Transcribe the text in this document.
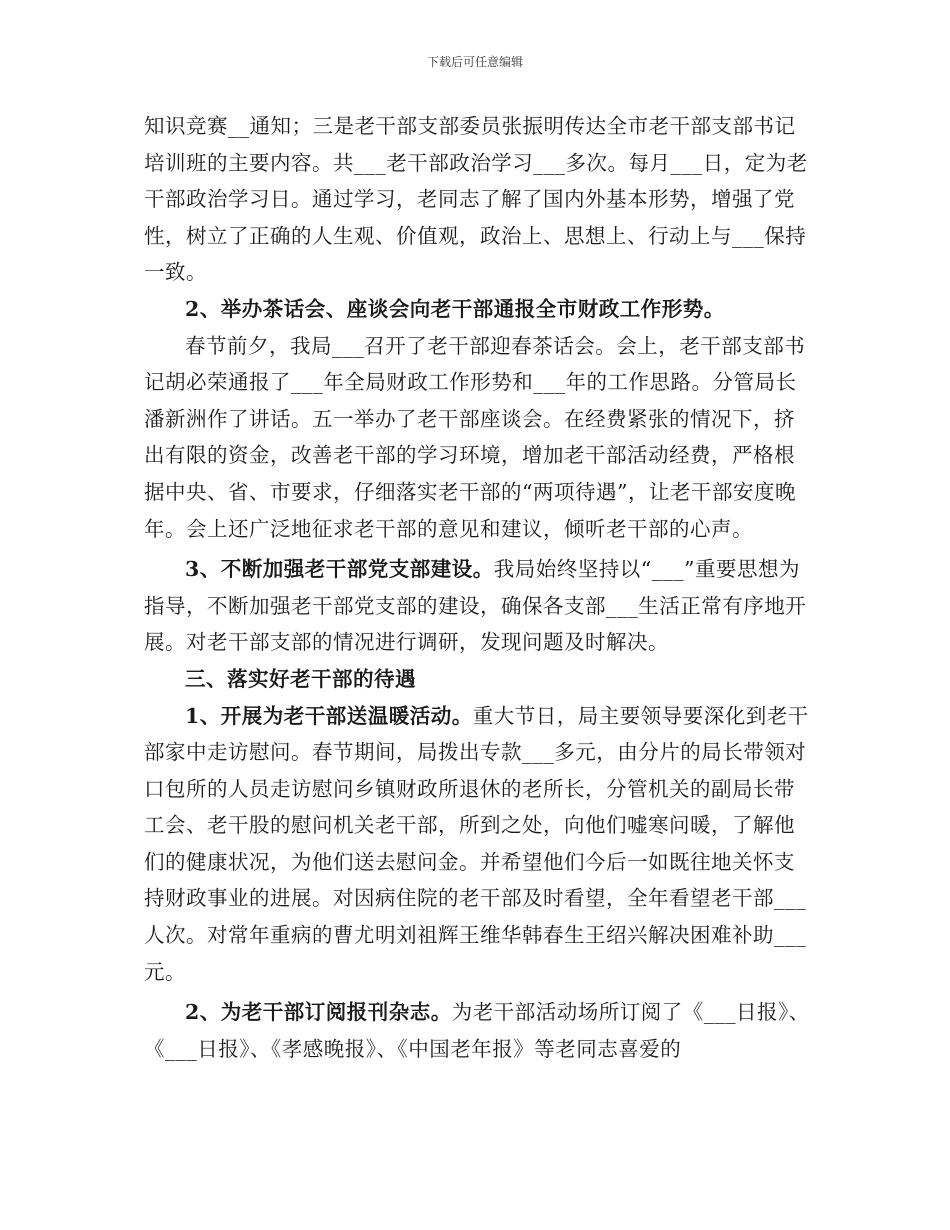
下载后可任意编辑

知识竞赛__通知；三是老干部支部委员张振明传达全市老干部支部书记培训班的主要内容。共___老干部政治学习___多次。每月___日，定为老干部政治学习日。通过学习，老同志了解了国内外基本形势，增强了党性，树立了正确的人生观、价值观，政治上、思想上、行动上与___保持一致。

2、举办茶话会、座谈会向老干部通报全市财政工作形势。

春节前夕，我局___召开了老干部迎春茶话会。会上，老干部支部书记胡必荣通报了___年全局财政工作形势和___年的工作思路。分管局长潘新洲作了讲话。五一举办了老干部座谈会。在经费紧张的情况下，挤出有限的资金，改善老干部的学习环境，增加老干部活动经费，严格根据中央、省、市要求，仔细落实老干部的“两项待遇”，让老干部安度晚年。会上还广泛地征求老干部的意见和建议，倾听老干部的心声。

3、不断加强老干部党支部建设。我局始终坚持以“___”重要思想为指导，不断加强老干部党支部的建设，确保各支部___生活正常有序地开展。对老干部支部的情况进行调研，发现问题及时解决。

三、落实好老干部的待遇

1、开展为老干部送温暖活动。重大节日，局主要领导要深化到老干部家中走访慰问。春节期间，局拨出专款___多元，由分片的局长带领对口包所的人员走访慰问乡镇财政所退休的老所长，分管机关的副局长带工会、老干股的慰问机关老干部，所到之处，向他们嘘寒问暖，了解他们的健康状况，为他们送去慰问金。并希望他们今后一如既往地关怀支持财政事业的进展。对因病住院的老干部及时看望，全年看望老干部___人次。对常年重病的曹尤明刘祖辉王维华韩春生王绍兴解决困难补助___元。

2、为老干部订阅报刊杂志。为老干部活动场所订阅了《___日报》、《___日报》、《孝感晚报》、《中国老年报》等老同志喜爱的
